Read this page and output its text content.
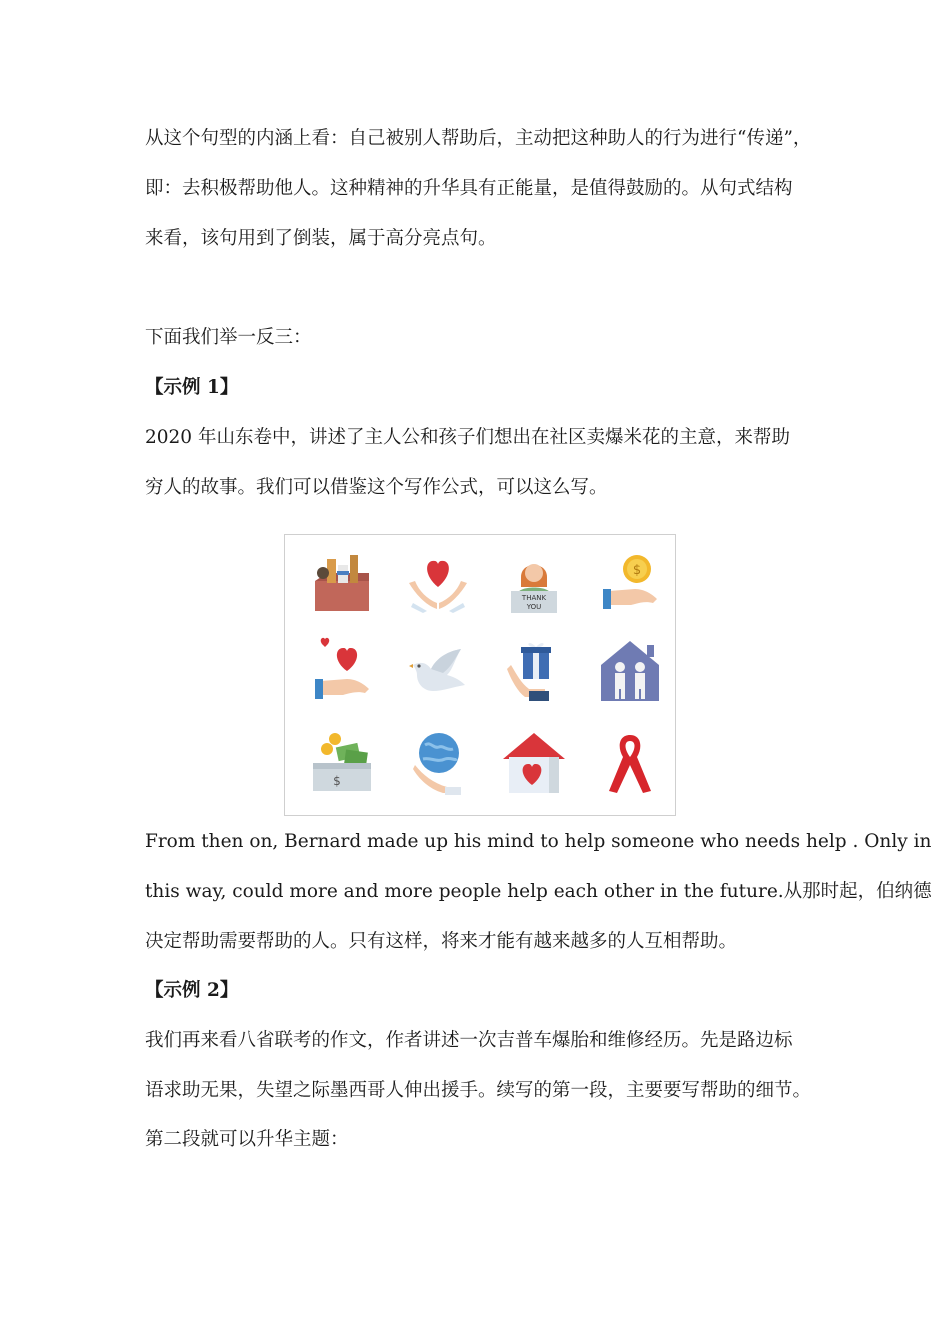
从这个句型的内涵上看：自己被别人帮助后，主动把这种助人的行为进行“传递”，
即：去积极帮助他人。这种精神的升华具有正能量，是值得鼓励的。从句式结构
来看，该句用到了倒装，属于高分亮点句。
下面我们举一反三：
【示例 1】
2020 年山东卷中，讲述了主人公和孩子们想出在社区卖爆米花的主意，来帮助
穷人的故事。我们可以借鉴这个写作公式，可以这么写。
THANK
YOU
$
$
From then on, Bernard made up his mind to help someone who needs help . Only in
this way, could more and more people help each other in the future.从那时起，伯纳德
决定帮助需要帮助的人。只有这样，将来才能有越来越多的人互相帮助。
【示例 2】
我们再来看八省联考的作文，作者讲述一次吉普车爆胎和维修经历。先是路边标
语求助无果，失望之际墨西哥人伸出援手。续写的第一段，主要要写帮助的细节。
第二段就可以升华主题：
